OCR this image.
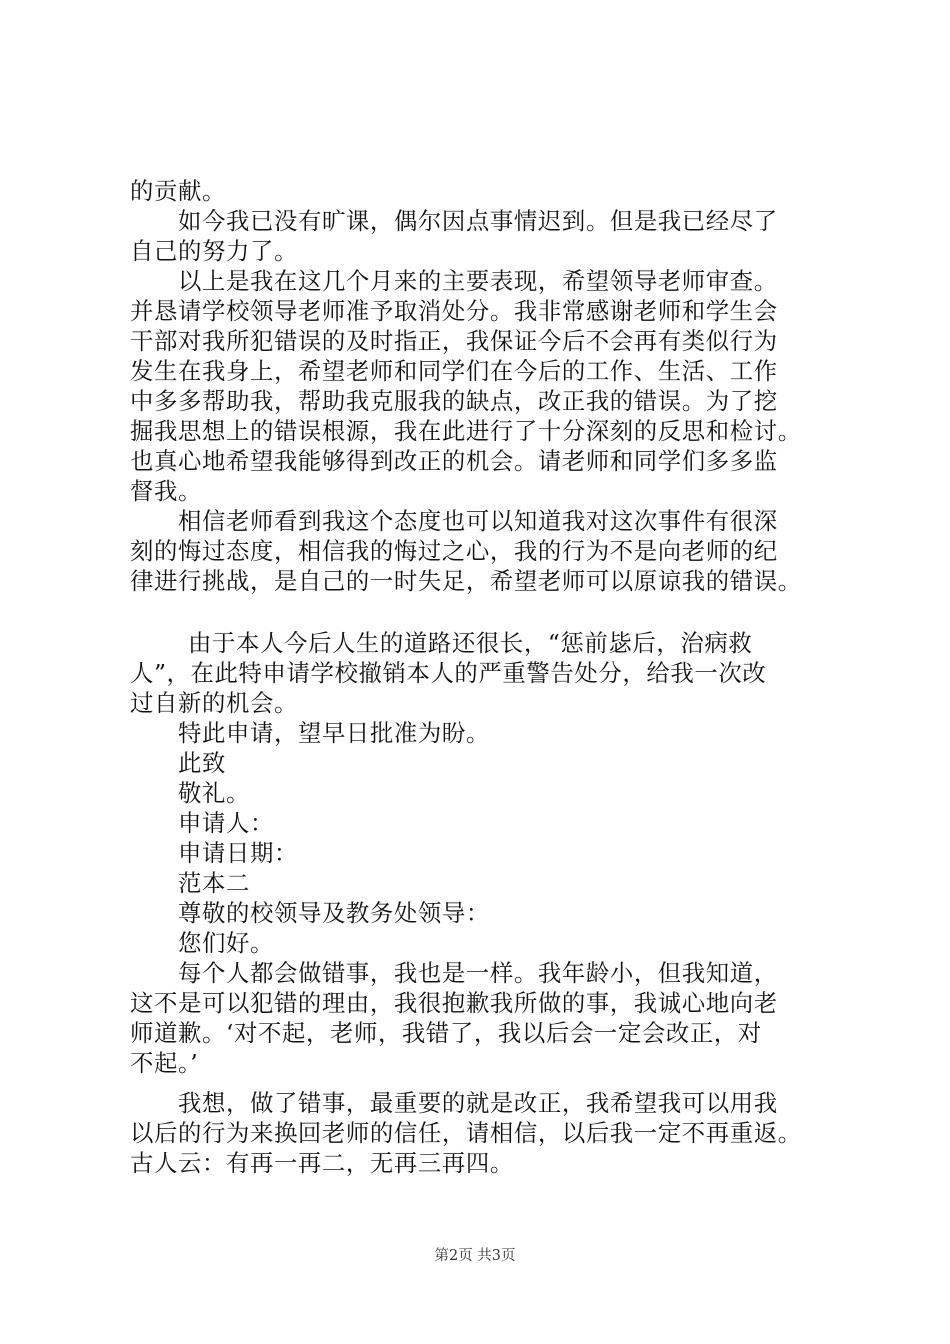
的贡献。
如今我已没有旷课，偶尔因点事情迟到。但是我已经尽了
自己的努力了。
以上是我在这几个月来的主要表现，希望领导老师审查。
并恳请学校领导老师准予取消处分。我非常感谢老师和学生会
干部对我所犯错误的及时指正，我保证今后不会再有类似行为
发生在我身上，希望老师和同学们在今后的工作、生活、工作
中多多帮助我，帮助我克服我的缺点，改正我的错误。为了挖
掘我思想上的错误根源，我在此进行了十分深刻的反思和检讨。
也真心地希望我能够得到改正的机会。请老师和同学们多多监
督我。
相信老师看到我这个态度也可以知道我对这次事件有很深
刻的悔过态度，相信我的悔过之心，我的行为不是向老师的纪
律进行挑战，是自己的一时失足，希望老师可以原谅我的错误。
由于本人今后人生的道路还很长，“惩前毖后，治病救
人”，在此特申请学校撤销本人的严重警告处分，给我一次改
过自新的机会。
特此申请，望早日批准为盼。
此致
敬礼。
申请人：
申请日期：
范本二
尊敬的校领导及教务处领导：
您们好。
每个人都会做错事，我也是一样。我年龄小，但我知道，
这不是可以犯错的理由，我很抱歉我所做的事，我诚心地向老
师道歉。‘对不起，老师，我错了，我以后会一定会改正，对
不起。’
我想，做了错事，最重要的就是改正，我希望我可以用我
以后的行为来换回老师的信任，请相信，以后我一定不再重返。
古人云：有再一再二，无再三再四。
第2页 共3页
